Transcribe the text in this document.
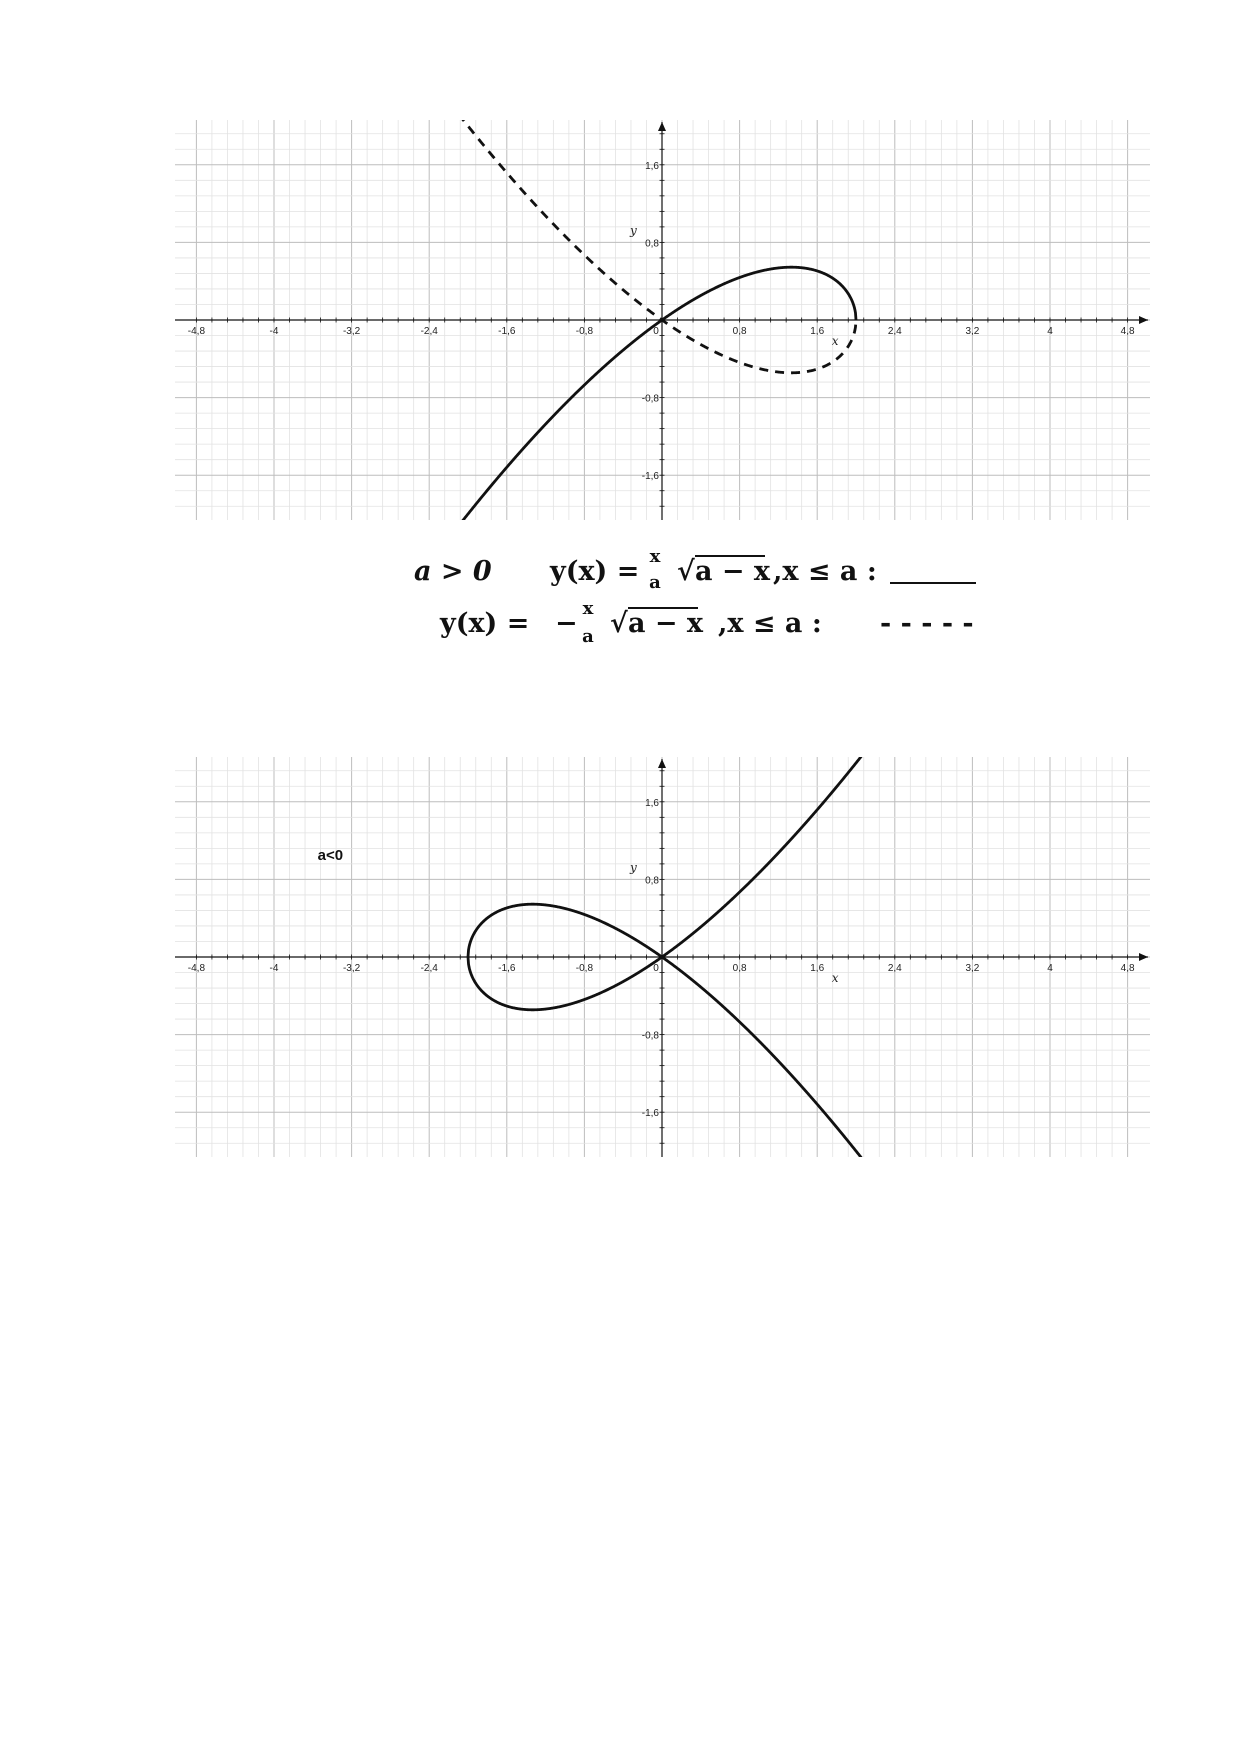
-4,8	-4	-3,2	-2,4	-1,6	-0,8	0	0,8	1,6	2,4	3,2	4	4,8
-1,6
-0,8
0,8
1,6
x
y
a > 0 y(x) = x
a √ a − x ,x ≤ a :
y(x) = − x
a √ a − x ,x ≤ a : - - - - -
-4,8	-4	-3,2	-2,4	-1,6	-0,8	0	0,8	1,6	2,4	3,2	4	4,8
-1,6
-0,8
0,8
1,6
x
y
a<0
